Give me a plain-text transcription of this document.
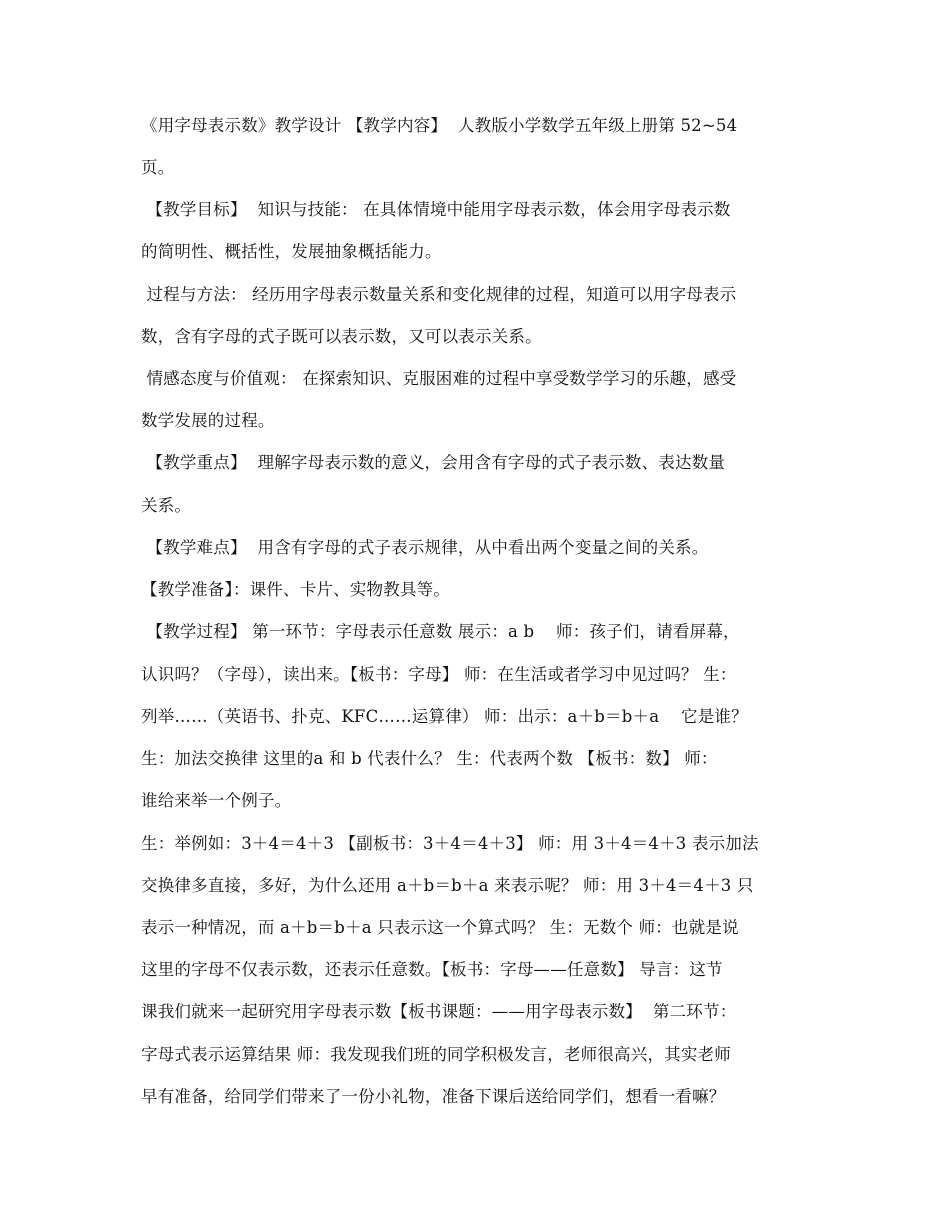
《用字母表示数》教学设计 【教学内容】  人教版小学数学五年级上册第 52~54
页。
【教学目标】  知识与技能： 在具体情境中能用字母表示数，体会用字母表示数
的简明性、概括性，发展抽象概括能力。
过程与方法： 经历用字母表示数量关系和变化规律的过程，知道可以用字母表示
数，含有字母的式子既可以表示数，又可以表示关系。
情感态度与价值观： 在探索知识、克服困难的过程中享受数学学习的乐趣，感受
数学发展的过程。
【教学重点】  理解字母表示数的意义，会用含有字母的式子表示数、表达数量
关系。
【教学难点】  用含有字母的式子表示规律，从中看出两个变量之间的关系。
【教学准备】：课件、卡片、实物教具等。
【教学过程】 第一环节：字母表示任意数 展示：a b    师：孩子们，请看屏幕，
认识吗？（字母），读出来。【板书：字母】 师：在生活或者学习中见过吗？ 生：
列举……（英语书、扑克、KFC……运算律） 师：出示：a＋b＝b＋a    它是谁？
生：加法交换律 这里的a 和 b 代表什么？ 生：代表两个数 【板书：数】 师：
谁给来举一个例子。
生：举例如：3＋4＝4＋3 【副板书：3＋4＝4＋3】 师：用 3＋4＝4＋3 表示加法
交换律多直接，多好，为什么还用 a＋b＝b＋a 来表示呢？ 师：用 3＋4＝4＋3 只
表示一种情况，而 a＋b＝b＋a 只表示这一个算式吗？ 生：无数个 师：也就是说
这里的字母不仅表示数，还表示任意数。【板书：字母——任意数】 导言：这节
课我们就来一起研究用字母表示数【板书课题：——用字母表示数】  第二环节：
字母式表示运算结果 师：我发现我们班的同学积极发言，老师很高兴，其实老师
早有准备，给同学们带来了一份小礼物，准备下课后送给同学们，想看一看嘛？
